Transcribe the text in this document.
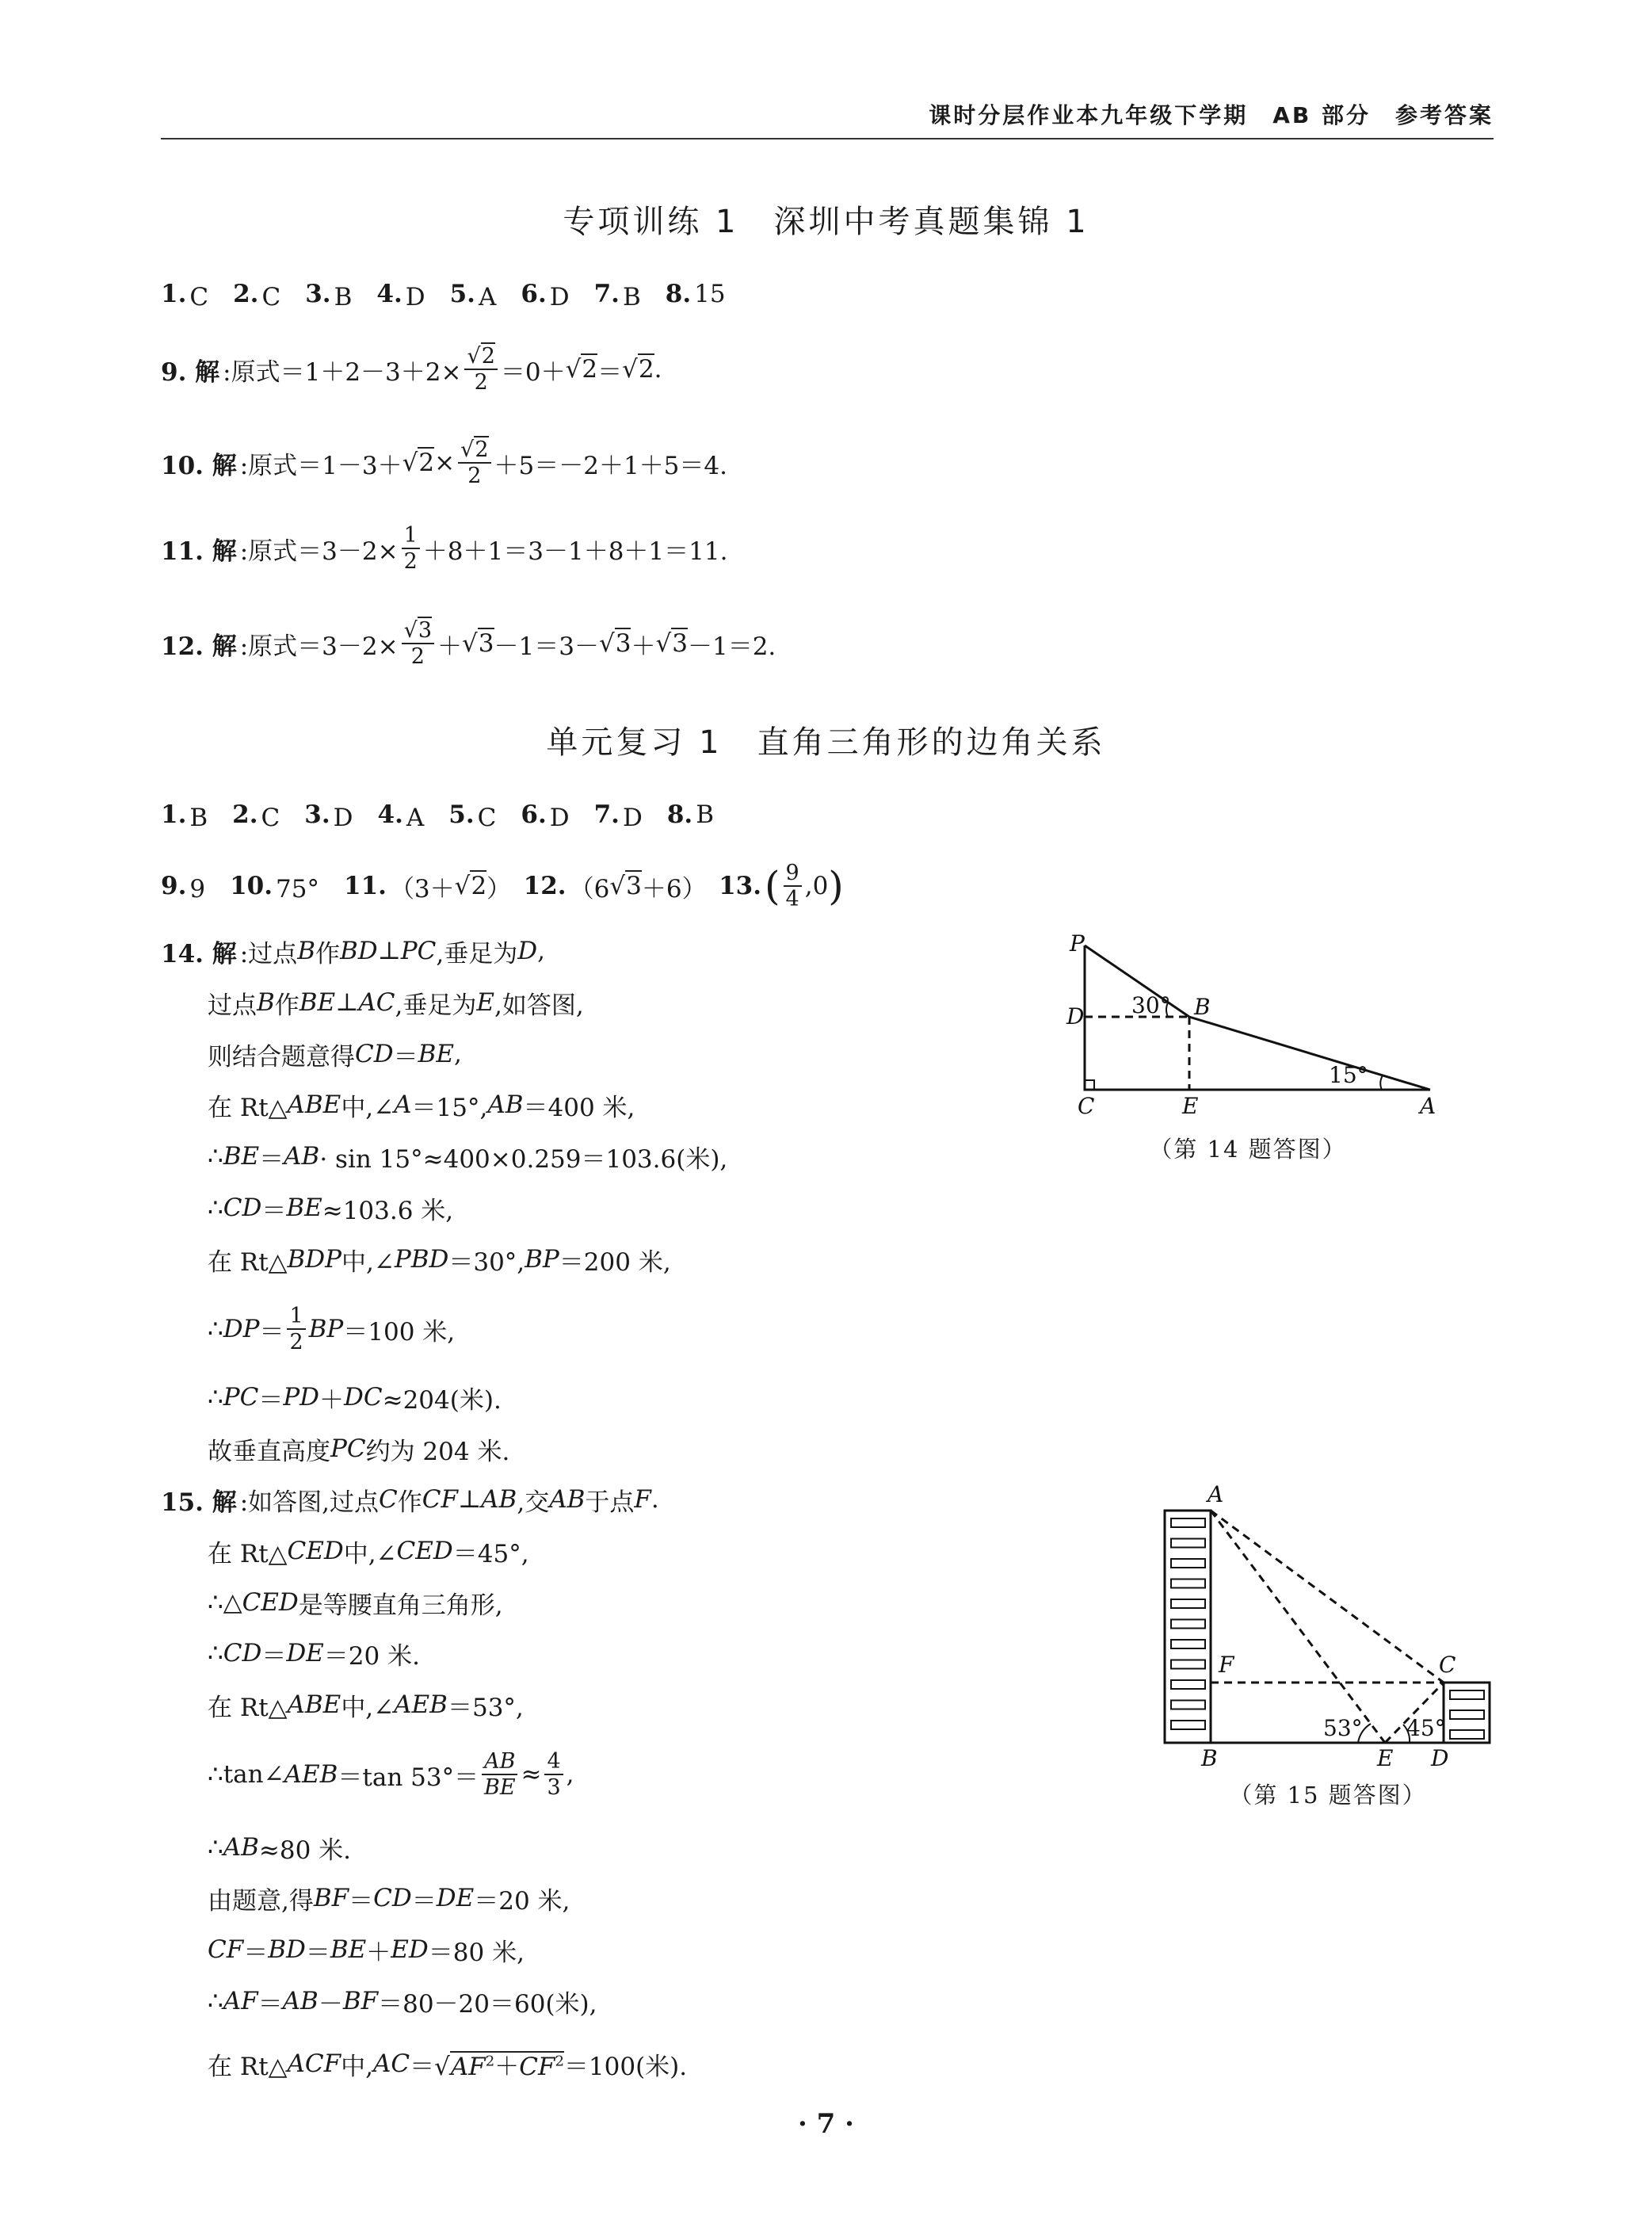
课时分层作业本九年级下学期　AB 部分　参考答案
专项训练 1　深圳中考真题集锦 1
单元复习 1　直角三角形的边角关系
1. C　 2. C　 3. B　 4. D　 5. A　 6. D　 7. B　 8. 15
9. 解 :原式$=1+2-3+2\times \frac{√2}{2} =0+ √2 = √2$ .
10. 解 :原式$=1-3+ √2 \times \frac{√2}{2} +5=-2+1+5=4$.
11. 解 :原式$=3-2\times \frac{1}{2} +8+1=3-1+8+1=11$.
12. 解 :原式$=3-2\times \frac{√3}{2} + √3 -1=3- √3 + √3 -1=2$.
1. B　 2. C　 3. D　 4. A　 5. C　 6. D　 7. D　 8. B
9. 9　 10. 75°　 11. （3＋ √2 ）　 12. （6 √3 ＋6）　 13. ( 9
4 ,0 )
14. 解 :过点 B 作 BD ⊥ PC ,垂足为 D ,
过点 B 作 BE ⊥ AC ,垂足为 E ,如答图,
则结合题意得 CD ＝ BE ,
在 Rt△ ABE 中,∠ A ＝15°, AB ＝400 米,
∴ BE ＝ AB · sin 15°≈400×0.259＝103.6(米),
∴ CD ＝ BE ≈103.6 米,
在 Rt△ BDP 中,∠ PBD ＝30°, BP ＝200 米,
∴ DP ＝
1
2 BP ＝100 米,
∴ PC ＝ PD ＋ DC ≈204(米).
故垂直高度 PC 约为 204 米.
15. 解 :如答图,过点 C 作 CF ⊥ AB ,交 AB 于点 F .
在 Rt△ CED 中,∠ CED ＝45°,
∴△ CED 是等腰直角三角形,
∴ CD ＝ DE ＝20 米.
在 Rt△ ABE 中,∠ AEB ＝53°,
∴tan∠ AEB ＝tan $53^\circ= \frac{AB}{BE} \approx \frac{4}{3}$ ,
∴ AB ≈80 米.
由题意,得 BF ＝ CD ＝ DE ＝20 米,
CF ＝ BD ＝ BE ＋ ED ＝80 米,
∴ AF ＝ AB － BF ＝80－20＝60(米),
在 Rt△ ACF 中, AC ＝ $√AF^2+CF^2 =100$(米).
P
D	B
C	E	A
30°
15°
A
F	C
B	E D
53° 45°
（第 14 题答图）
（第 15 题答图）
· 7 ·
